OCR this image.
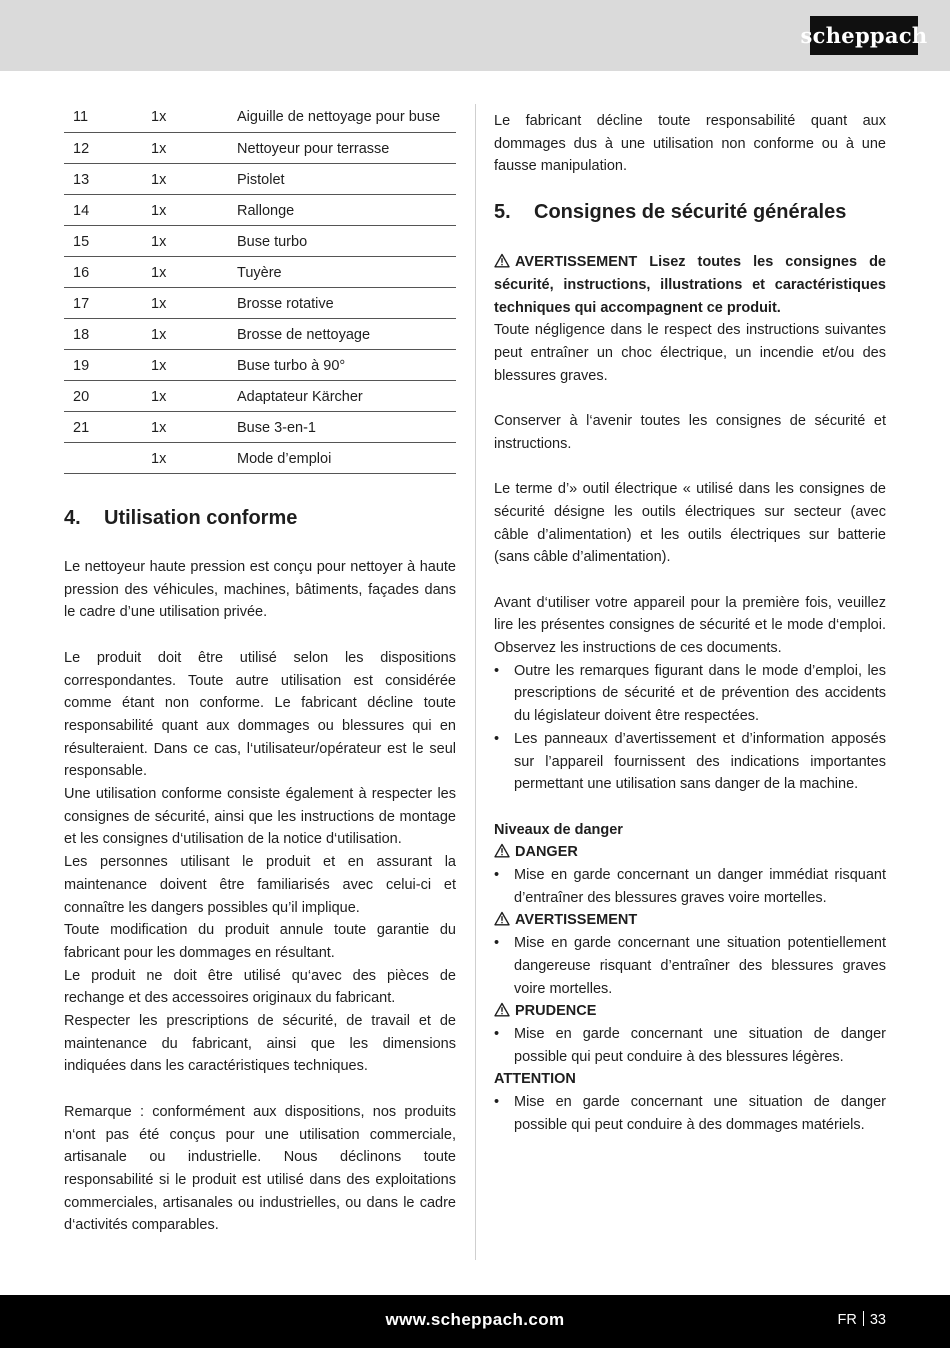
scheppach
11	1x	Aiguille de nettoyage pour buse
12	1x	Nettoyeur pour terrasse
13	1x	Pistolet
14	1x	Rallonge
15	1x	Buse turbo
16	1x	Tuyère
17	1x	Brosse rotative
18	1x	Brosse de nettoyage
19	1x	Buse turbo à 90°
20	1x	Adaptateur Kärcher
21	1x	Buse 3-en-1
	1x	Mode d’emploi
4.	Utilisation conforme

Le nettoyeur haute pression est conçu pour nettoyer à haute pression des véhicules, machines, bâtiments, façades dans le cadre d’une utilisation privée.

Le produit doit être utilisé selon les dispositions correspondantes. Toute autre utilisation est considérée comme étant non conforme. Le fabricant décline toute responsabilité quant aux dommages ou blessures qui en résulteraient. Dans ce cas, l‘utilisateur/opérateur est le seul responsable.

Une utilisation conforme consiste également à respecter les consignes de sécurité, ainsi que les instructions de montage et les consignes d‘utilisation de la notice d‘utilisation.

Les personnes utilisant le produit et en assurant la maintenance doivent être familiarisés avec celui-ci et connaître les dangers possibles qu’il implique.

Toute modification du produit annule toute garantie du fabricant pour les dommages en résultant.

Le produit ne doit être utilisé qu‘avec des pièces de rechange et des accessoires originaux du fabricant.

Respecter les prescriptions de sécurité, de travail et de maintenance du fabricant, ainsi que les dimensions indiquées dans les caractéristiques techniques.

Remarque : conformément aux dispositions, nos produits n‘ont pas été conçus pour une utilisation commerciale, artisanale ou industrielle. Nous déclinons toute responsabilité si le produit est utilisé dans des exploitations commerciales, artisanales ou industrielles, ou dans le cadre d‘activités comparables.

Le fabricant décline toute responsabilité quant aux dommages dus à une utilisation non conforme ou à une fausse manipulation.

5.	Consignes de sécurité générales

AVERTISSEMENT Lisez toutes les consignes de sécurité, instructions, illustrations et caractéristiques techniques qui accompagnent ce produit.

Toute négligence dans le respect des instructions suivantes peut entraîner un choc électrique, un incendie et/ou des blessures graves.

Conserver à l‘avenir toutes les consignes de sécurité et instructions.

Le terme d’» outil électrique « utilisé dans les consignes de sécurité désigne les outils électriques sur secteur (avec câble d’alimentation) et les outils électriques sur batterie (sans câble d’alimentation).

Avant d‘utiliser votre appareil pour la première fois, veuillez lire les présentes consignes de sécurité et le mode d‘emploi. Observez les instructions de ces documents.

• Outre les remarques figurant dans le mode d’emploi, les prescriptions de sécurité et de prévention des accidents du législateur doivent être respectées.
• Les panneaux d’avertissement et d’information apposés sur l’appareil fournissent des indications importantes permettant une utilisation sans danger de la machine.

Niveaux de danger

DANGER

• Mise en garde concernant un danger immédiat risquant d’entraîner des blessures graves voire mortelles.

AVERTISSEMENT

• Mise en garde concernant une situation potentiellement dangereuse risquant d’entraîner des blessures graves voire mortelles.

PRUDENCE

• Mise en garde concernant une situation de danger possible qui peut conduire à des blessures légères.

ATTENTION

• Mise en garde concernant une situation de danger possible qui peut conduire à des dommages matériels.
www.scheppach.com	FR 33
